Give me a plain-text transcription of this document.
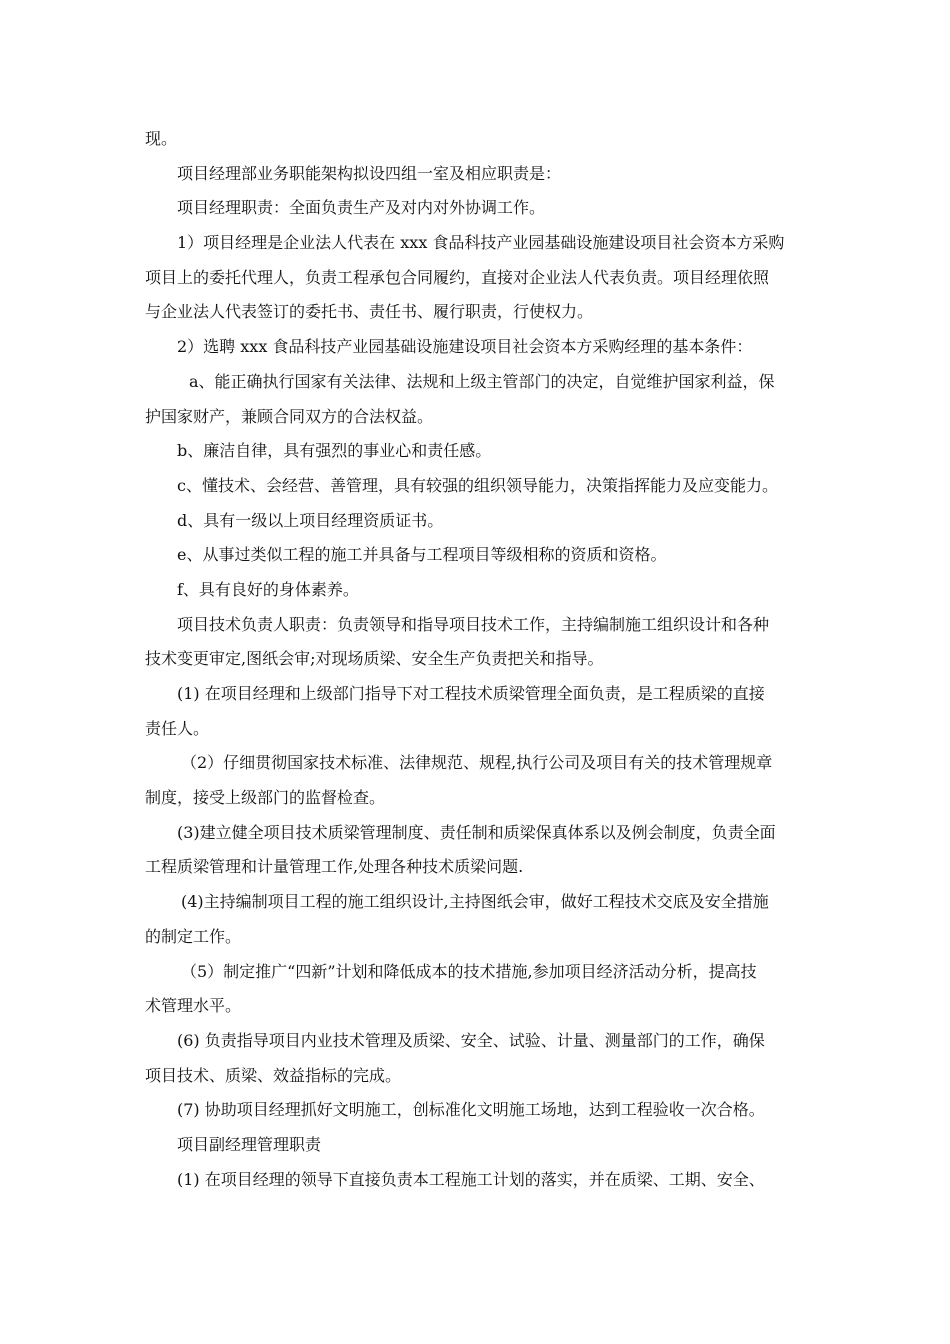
现。
项目经理部业务职能架构拟设四组一室及相应职责是：
项目经理职责：全面负责生产及对内对外协调工作。
1）项目经理是企业法人代表在 xxx 食品科技产业园基础设施建设项目社会资本方采购
项目上的委托代理人，负责工程承包合同履约，直接对企业法人代表负责。项目经理依照
与企业法人代表签订的委托书、责任书、履行职责，行使权力。
2）选聘 xxx 食品科技产业园基础设施建设项目社会资本方采购经理的基本条件：
a、能正确执行国家有关法律、法规和上级主管部门的决定，自觉维护国家利益，保
护国家财产，兼顾合同双方的合法权益。
b、廉洁自律，具有强烈的事业心和责任感。
c、懂技术、会经营、善管理，具有较强的组织领导能力，决策指挥能力及应变能力。
d、具有一级以上项目经理资质证书。
e、从事过类似工程的施工并具备与工程项目等级相称的资质和资格。
f、具有良好的身体素养。
项目技术负责人职责：负责领导和指导项目技术工作，主持编制施工组织设计和各种
技术变更审定,图纸会审;对现场质梁、安全生产负责把关和指导。
(1) 在项目经理和上级部门指导下对工程技术质梁管理全面负责，是工程质梁的直接
责任人。
（2）仔细贯彻国家技术标准、法律规范、规程,执行公司及项目有关的技术管理规章
制度，接受上级部门的监督检查。
(3)建立健全项目技术质梁管理制度、责任制和质梁保真体系以及例会制度，负责全面
工程质梁管理和计量管理工作,处理各种技术质梁问题.
(4)主持编制项目工程的施工组织设计,主持图纸会审，做好工程技术交底及安全措施
的制定工作。
（5）制定推广“四新”计划和降低成本的技术措施,参加项目经济活动分析，提高技
术管理水平。
(6) 负责指导项目内业技术管理及质梁、安全、试验、计量、测量部门的工作，确保
项目技术、质梁、效益指标的完成。
(7) 协助项目经理抓好文明施工，创标准化文明施工场地，达到工程验收一次合格。
项目副经理管理职责
(1) 在项目经理的领导下直接负责本工程施工计划的落实，并在质梁、工期、安全、
